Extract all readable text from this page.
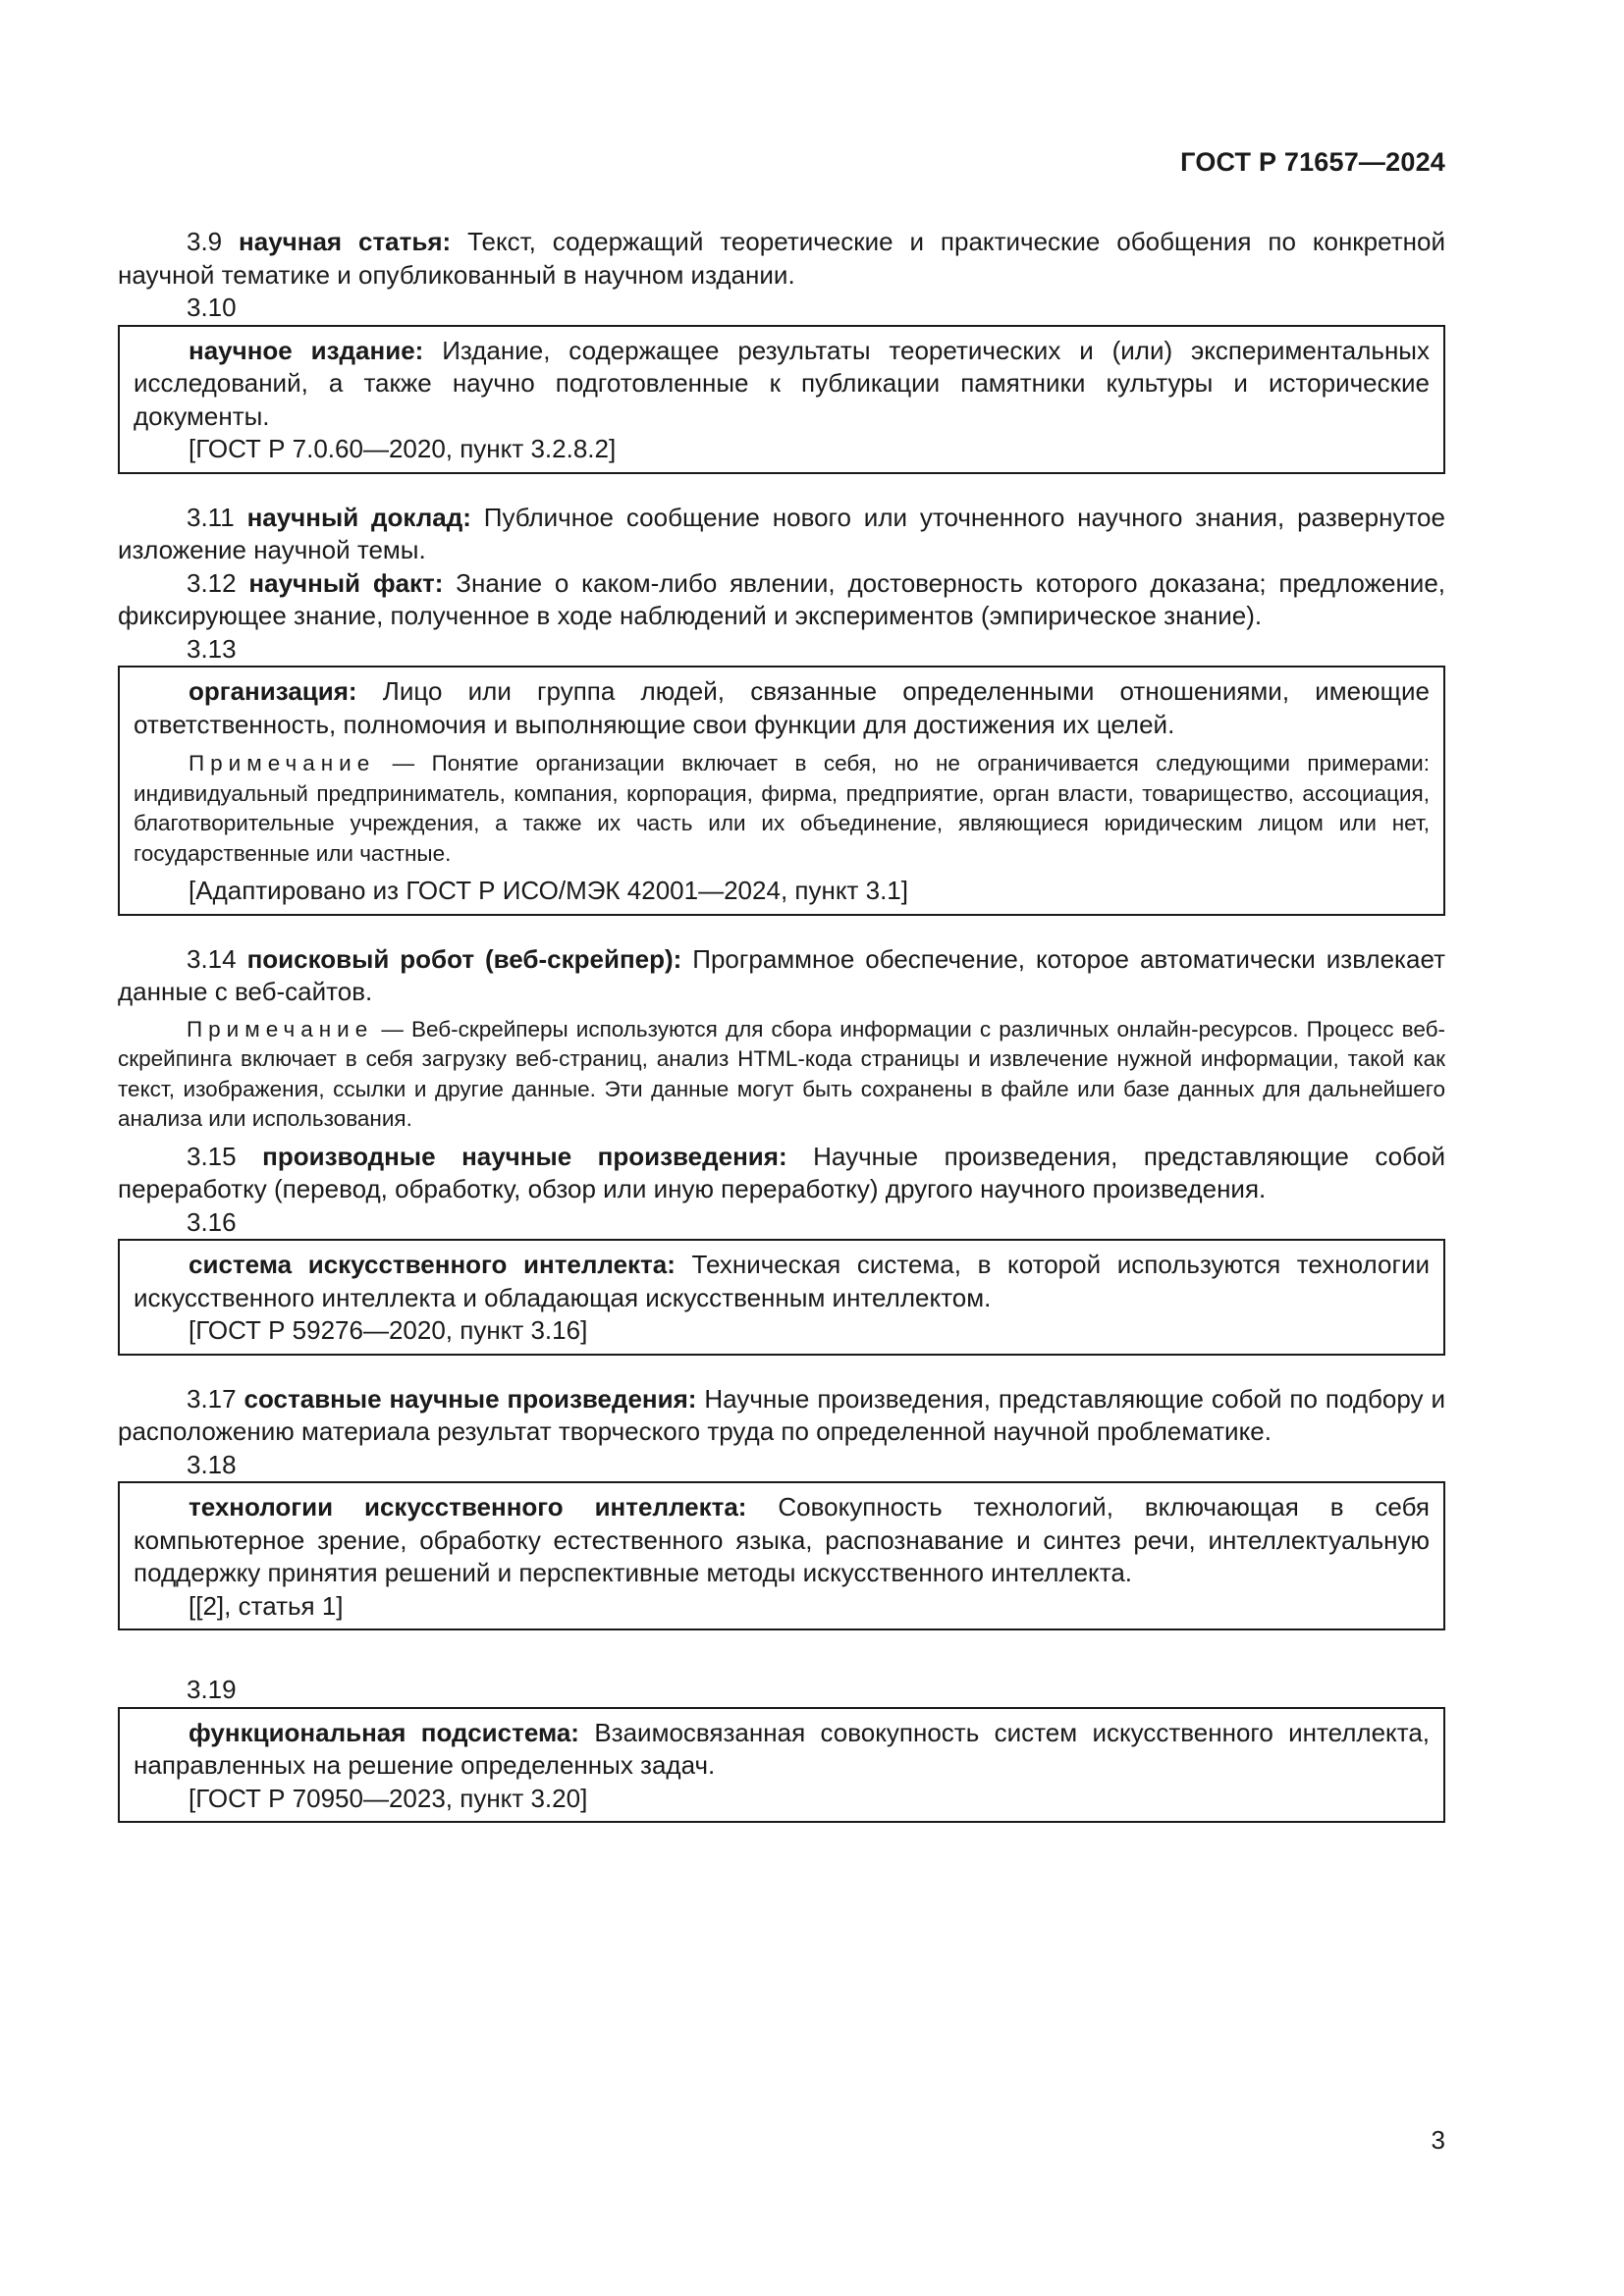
ГОСТ Р 71657—2024

3.9 научная статья: Текст, содержащий теоретические и практические обобщения по конкретной научной тематике и опубликованный в научном издании.

3.10

научное издание: Издание, содержащее результаты теоретических и (или) экспериментальных исследований, а также научно подготовленные к публикации памятники культуры и исторические документы.

[ГОСТ Р 7.0.60—2020, пункт 3.2.8.2]

3.11 научный доклад: Публичное сообщение нового или уточненного научного знания, развернутое изложение научной темы.

3.12 научный факт: Знание о каком-либо явлении, достоверность которого доказана; предложение, фиксирующее знание, полученное в ходе наблюдений и экспериментов (эмпирическое знание).

3.13

организация: Лицо или группа людей, связанные определенными отношениями, имеющие ответственность, полномочия и выполняющие свои функции для достижения их целей.

Примечание — Понятие организации включает в себя, но не ограничивается следующими примерами: индивидуальный предприниматель, компания, корпорация, фирма, предприятие, орган власти, товарищество, ассоциация, благотворительные учреждения, а также их часть или их объединение, являющиеся юридическим лицом или нет, государственные или частные.

[Адаптировано из ГОСТ Р ИСО/МЭК 42001—2024, пункт 3.1]

3.14 поисковый робот (веб-скрейпер): Программное обеспечение, которое автоматически извлекает данные с веб-сайтов.

Примечание — Веб-скрейперы используются для сбора информации с различных онлайн-ресурсов. Процесс веб-скрейпинга включает в себя загрузку веб-страниц, анализ HTML-кода страницы и извлечение нужной информации, такой как текст, изображения, ссылки и другие данные. Эти данные могут быть сохранены в файле или базе данных для дальнейшего анализа или использования.

3.15 производные научные произведения: Научные произведения, представляющие собой переработку (перевод, обработку, обзор или иную переработку) другого научного произведения.

3.16

система искусственного интеллекта: Техническая система, в которой используются технологии искусственного интеллекта и обладающая искусственным интеллектом.

[ГОСТ Р 59276—2020, пункт 3.16]

3.17 составные научные произведения: Научные произведения, представляющие собой по подбору и расположению материала результат творческого труда по определенной научной проблематике.

3.18

технологии искусственного интеллекта: Совокупность технологий, включающая в себя компьютерное зрение, обработку естественного языка, распознавание и синтез речи, интеллектуальную поддержку принятия решений и перспективные методы искусственного интеллекта.

[[2], статья 1]
3.19

функциональная подсистема: Взаимосвязанная совокупность систем искусственного интеллекта, направленных на решение определенных задач.

[ГОСТ Р 70950—2023, пункт 3.20]
3
